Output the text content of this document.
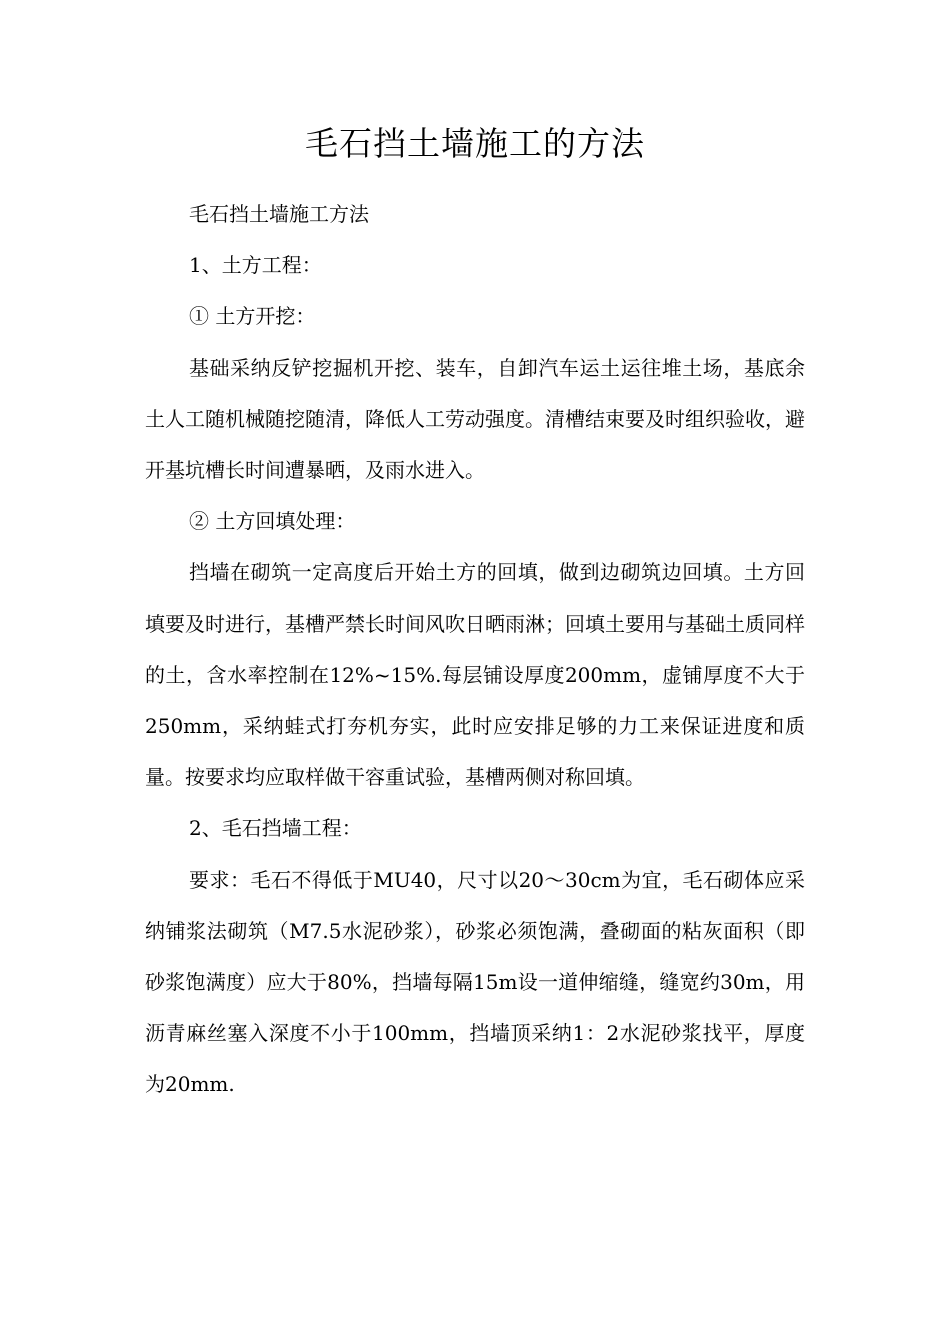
毛石挡土墙施工的方法

毛石挡土墙施工方法

1、土方工程：

① 土方开挖：

基础采纳反铲挖掘机开挖、装车，自卸汽车运土运往堆土场，基底余土人工随机械随挖随清，降低人工劳动强度。清槽结束要及时组织验收，避开基坑槽长时间遭暴晒，及雨水进入。

② 土方回填处理：

挡墙在砌筑一定高度后开始土方的回填，做到边砌筑边回填。土方回填要及时进行，基槽严禁长时间风吹日晒雨淋；回填土要用与基础土质同样的土，含水率控制在12%~15%.每层铺设厚度200mm，虚铺厚度不大于250mm，采纳蛙式打夯机夯实，此时应安排足够的力工来保证进度和质量。按要求均应取样做干容重试验，基槽两侧对称回填。

2、毛石挡墙工程：

要求：毛石不得低于MU40，尺寸以20～30cm为宜，毛石砌体应采纳铺浆法砌筑（M7.5水泥砂浆），砂浆必须饱满，叠砌面的粘灰面积（即砂浆饱满度）应大于80%，挡墙每隔15m设一道伸缩缝，缝宽约30m，用沥青麻丝塞入深度不小于100mm，挡墙顶采纳1：2水泥砂浆找平，厚度为20mm.
